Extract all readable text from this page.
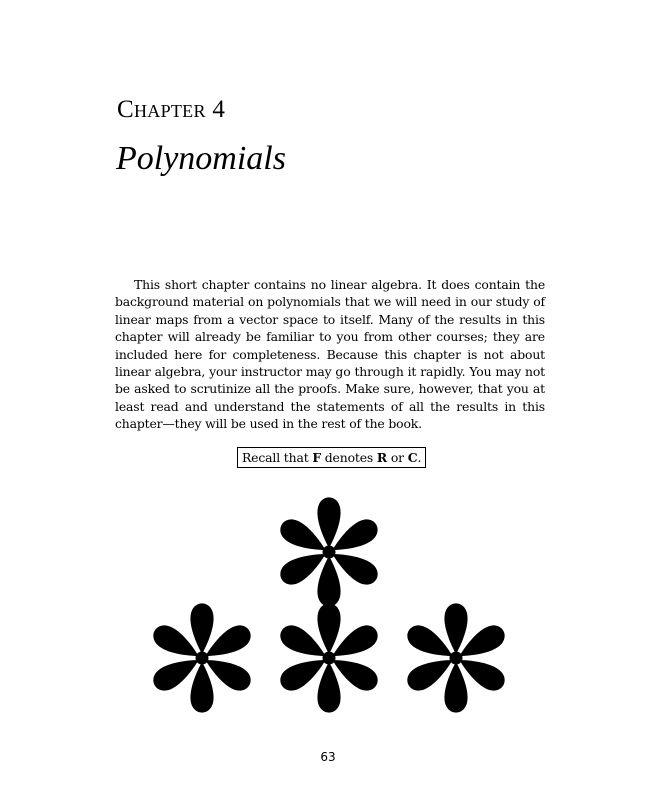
Chapter 4
Polynomials

This short chapter contains no linear algebra. It does contain the background material on polynomials that we will need in our study of linear maps from a vector space to itself. Many of the results in this chapter will already be familiar to you from other courses; they are included here for completeness. Because this chapter is not about linear algebra, your instructor may go through it rapidly. You may not be asked to scrutinize all the proofs. Make sure, however, that you at least read and understand the statements of all the results in this chapter—they will be used in the rest of the book.

Recall that F denotes R or C.
63
